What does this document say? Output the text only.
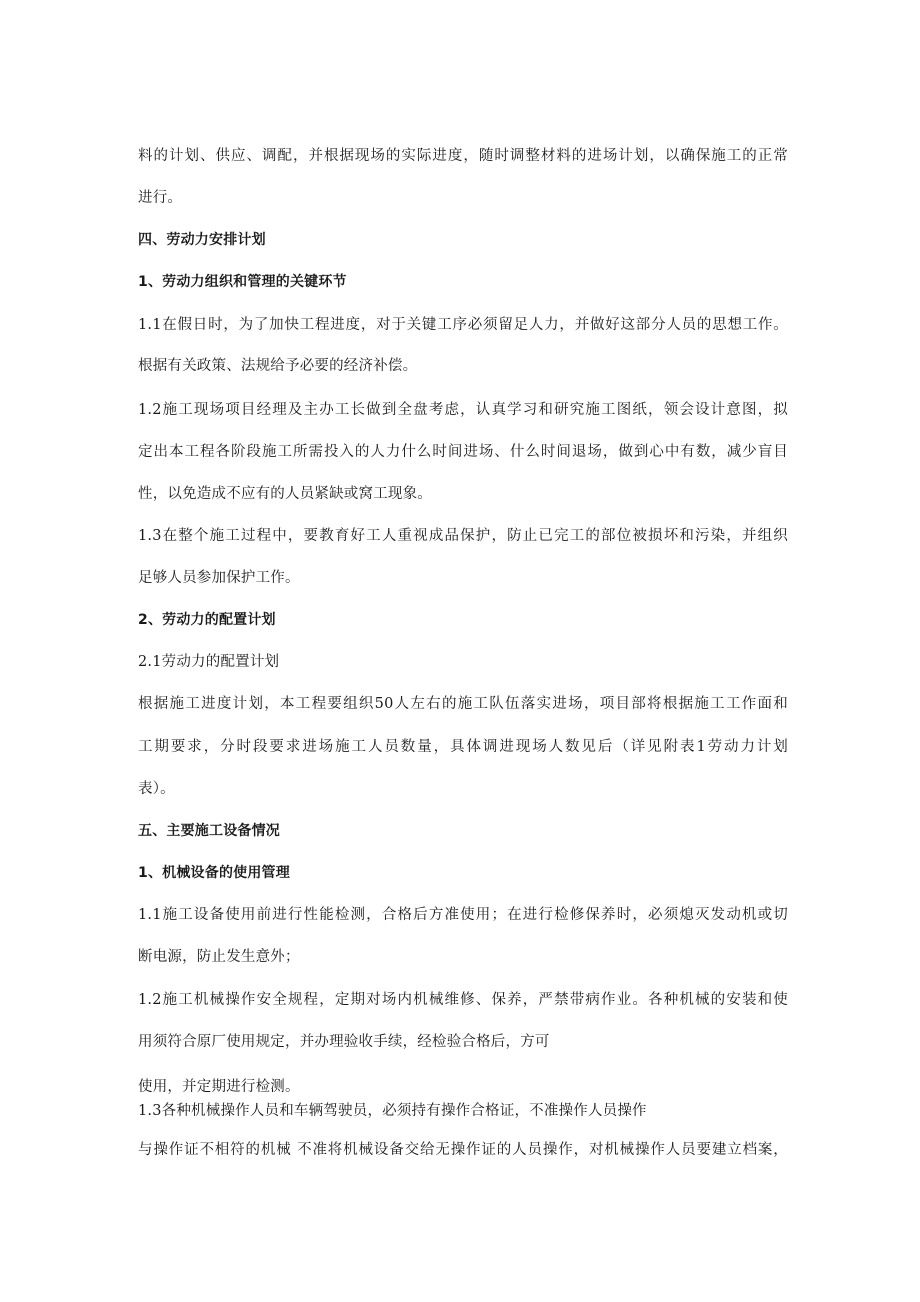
料的计划、供应、调配，并根据现场的实际进度，随时调整材料的进场计划，以确保施工的正常
进行。
四、劳动力安排计划
1、劳动力组织和管理的关键环节
1.1在假日时，为了加快工程进度，对于关键工序必须留足人力，并做好这部分人员的思想工作。
根据有关政策、法规给予必要的经济补偿。
1.2施工现场项目经理及主办工长做到全盘考虑，认真学习和研究施工图纸，领会设计意图，拟
定出本工程各阶段施工所需投入的人力什么时间进场、什么时间退场，做到心中有数，减少盲目
性，以免造成不应有的人员紧缺或窝工现象。
1.3在整个施工过程中，要教育好工人重视成品保护，防止已完工的部位被损坏和污染，并组织
足够人员参加保护工作。
2、劳动力的配置计划
2.1劳动力的配置计划
根据施工进度计划，本工程要组织50人左右的施工队伍落实进场，项目部将根据施工工作面和
工期要求，分时段要求进场施工人员数量，具体调进现场人数见后（详见附表1劳动力计划
表）。
五、主要施工设备情况
1、机械设备的使用管理
1.1施工设备使用前进行性能检测，合格后方准使用；在进行检修保养时，必须熄灭发动机或切
断电源，防止发生意外；
1.2施工机械操作安全规程，定期对场内机械维修、保养，严禁带病作业。各种机械的安装和使
用须符合原厂使用规定，并办理验收手续，经检验合格后，方可
使用，并定期进行检测。
1.3各种机械操作人员和车辆驾驶员，必须持有操作合格证，不准操作人员操作
与操作证不相符的机械 不准将机械设备交给无操作证的人员操作，对机械操作人员要建立档案，
